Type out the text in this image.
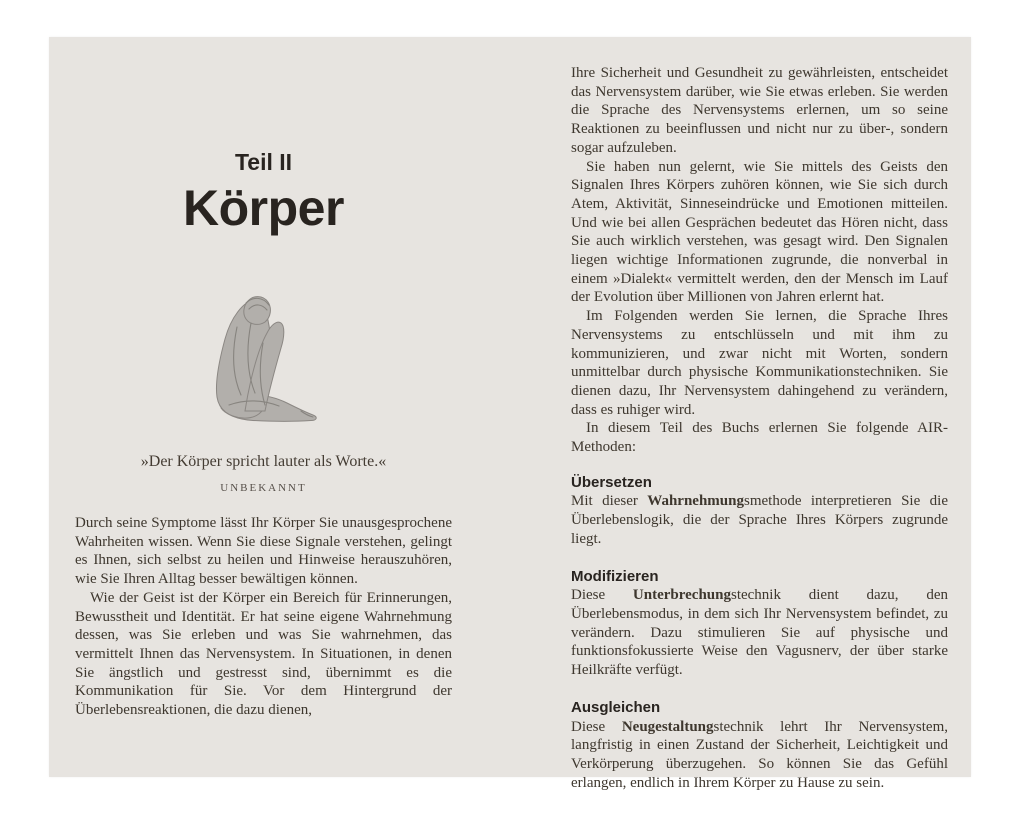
Teil II
Körper
»Der Körper spricht lauter als Worte.«
UNBEKANNT

Durch seine Symptome lässt Ihr Körper Sie unausgesprochene Wahrheiten wissen. Wenn Sie diese Signale verstehen, gelingt es Ihnen, sich selbst zu heilen und Hinweise herauszuhören, wie Sie Ihren Alltag besser bewältigen können.

Wie der Geist ist der Körper ein Bereich für Erinnerungen, Bewusstheit und Identität. Er hat seine eigene Wahrnehmung dessen, was Sie erleben und was Sie wahrnehmen, das vermittelt Ihnen das Nervensystem. In Situationen, in denen Sie ängstlich und gestresst sind, übernimmt es die Kommunikation für Sie. Vor dem Hintergrund der Überlebensreaktionen, die dazu dienen,

Ihre Sicherheit und Gesundheit zu gewährleisten, entscheidet das Nervensystem darüber, wie Sie etwas erleben. Sie werden die Sprache des Nervensystems erlernen, um so seine Reaktionen zu beeinflussen und nicht nur zu über-, sondern sogar aufzuleben.

Sie haben nun gelernt, wie Sie mittels des Geists den Signalen Ihres Körpers zuhören können, wie Sie sich durch Atem, Aktivität, Sinneseindrücke und Emotionen mitteilen. Und wie bei allen Gesprächen bedeutet das Hören nicht, dass Sie auch wirklich verstehen, was gesagt wird. Den Signalen liegen wichtige Informationen zugrunde, die nonverbal in einem »Dialekt« vermittelt werden, den der Mensch im Lauf der Evolution über Millionen von Jahren erlernt hat.

Im Folgenden werden Sie lernen, die Sprache Ihres Nervensystems zu entschlüsseln und mit ihm zu kommunizieren, und zwar nicht mit Worten, sondern unmittelbar durch physische Kommunikationstechniken. Sie dienen dazu, Ihr Nervensystem dahingehend zu verändern, dass es ruhiger wird.

In diesem Teil des Buchs erlernen Sie folgende AIR-Methoden:

Übersetzen

Mit dieser Wahrnehmungsmethode interpretieren Sie die Überlebenslogik, die der Sprache Ihres Körpers zugrunde liegt.

Modifizieren

Diese Unterbrechungstechnik dient dazu, den Überlebensmodus, in dem sich Ihr Nervensystem befindet, zu verändern. Dazu stimulieren Sie auf physische und funktionsfokussierte Weise den Vagusnerv, der über starke Heilkräfte verfügt.

Ausgleichen

Diese Neugestaltungstechnik lehrt Ihr Nervensystem, langfristig in einen Zustand der Sicherheit, Leichtigkeit und Verkörperung überzugehen. So können Sie das Gefühl erlangen, endlich in Ihrem Körper zu Hause zu sein.
